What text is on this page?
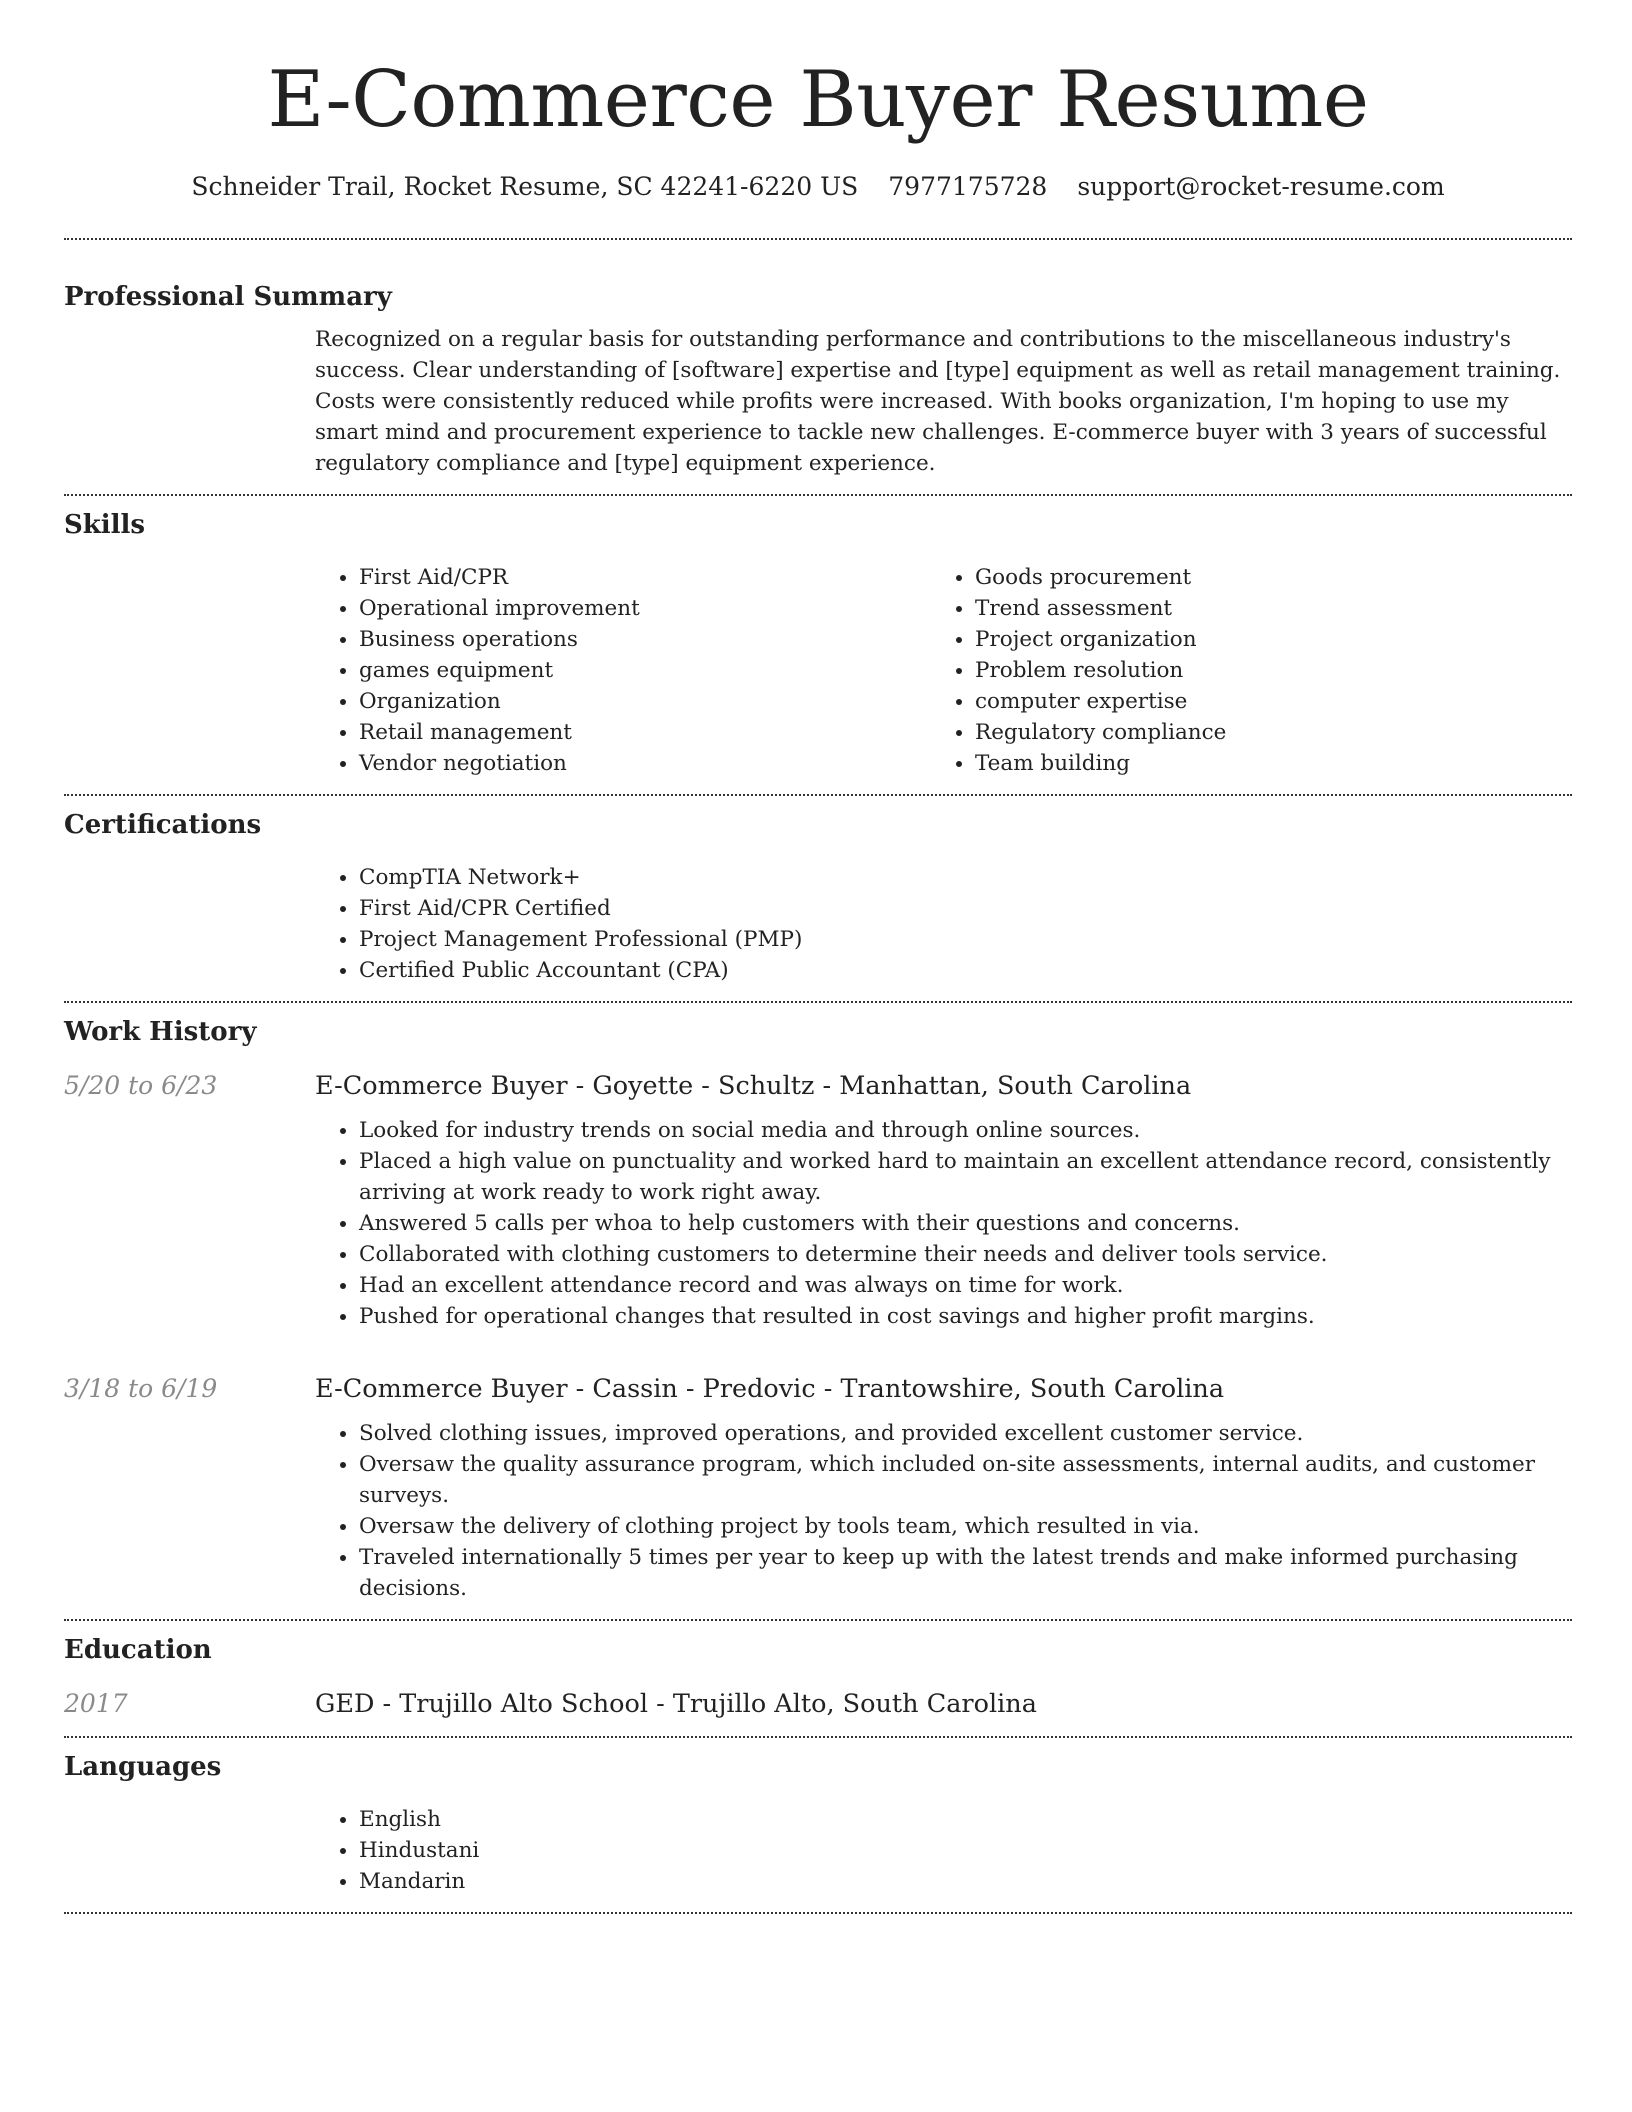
E-Commerce Buyer Resume
Schneider Trail, Rocket Resume, SC 42241-6220 US 7977175728 support@rocket-resume.com
Professional Summary

Recognized on a regular basis for outstanding performance and contributions to the miscellaneous industry's success. Clear understanding of [software] expertise and [type] equipment as well as retail management training. Costs were consistently reduced while profits were increased. With books organization, I'm hoping to use my smart mind and procurement experience to tackle new challenges. E-commerce buyer with 3 years of successful regulatory compliance and [type] equipment experience.

Skills
• First Aid/CPR
• Operational improvement
• Business operations
• games equipment
• Organization
• Retail management
• Vendor negotiation
• Goods procurement
• Trend assessment
• Project organization
• Problem resolution
• computer expertise
• Regulatory compliance
• Team building
Certifications
• CompTIA Network+
• First Aid/CPR Certified
• Project Management Professional (PMP)
• Certified Public Accountant (CPA)
Work History
5/20 to 6/23	E-Commerce Buyer - Goyette - Schultz - Manhattan, South Carolina
• Looked for industry trends on social media and through online sources.
• Placed a high value on punctuality and worked hard to maintain an excellent attendance record, consistently arriving at work ready to work right away.
• Answered 5 calls per whoa to help customers with their questions and concerns.
• Collaborated with clothing customers to determine their needs and deliver tools service.
• Had an excellent attendance record and was always on time for work.
• Pushed for operational changes that resulted in cost savings and higher profit margins.
3/18 to 6/19	E-Commerce Buyer - Cassin - Predovic - Trantowshire, South Carolina
• Solved clothing issues, improved operations, and provided excellent customer service.
• Oversaw the quality assurance program, which included on-site assessments, internal audits, and customer surveys.
• Oversaw the delivery of clothing project by tools team, which resulted in via.
• Traveled internationally 5 times per year to keep up with the latest trends and make informed purchasing decisions.
Education
2017	GED - Trujillo Alto School - Trujillo Alto, South Carolina
Languages
• English
• Hindustani
• Mandarin
